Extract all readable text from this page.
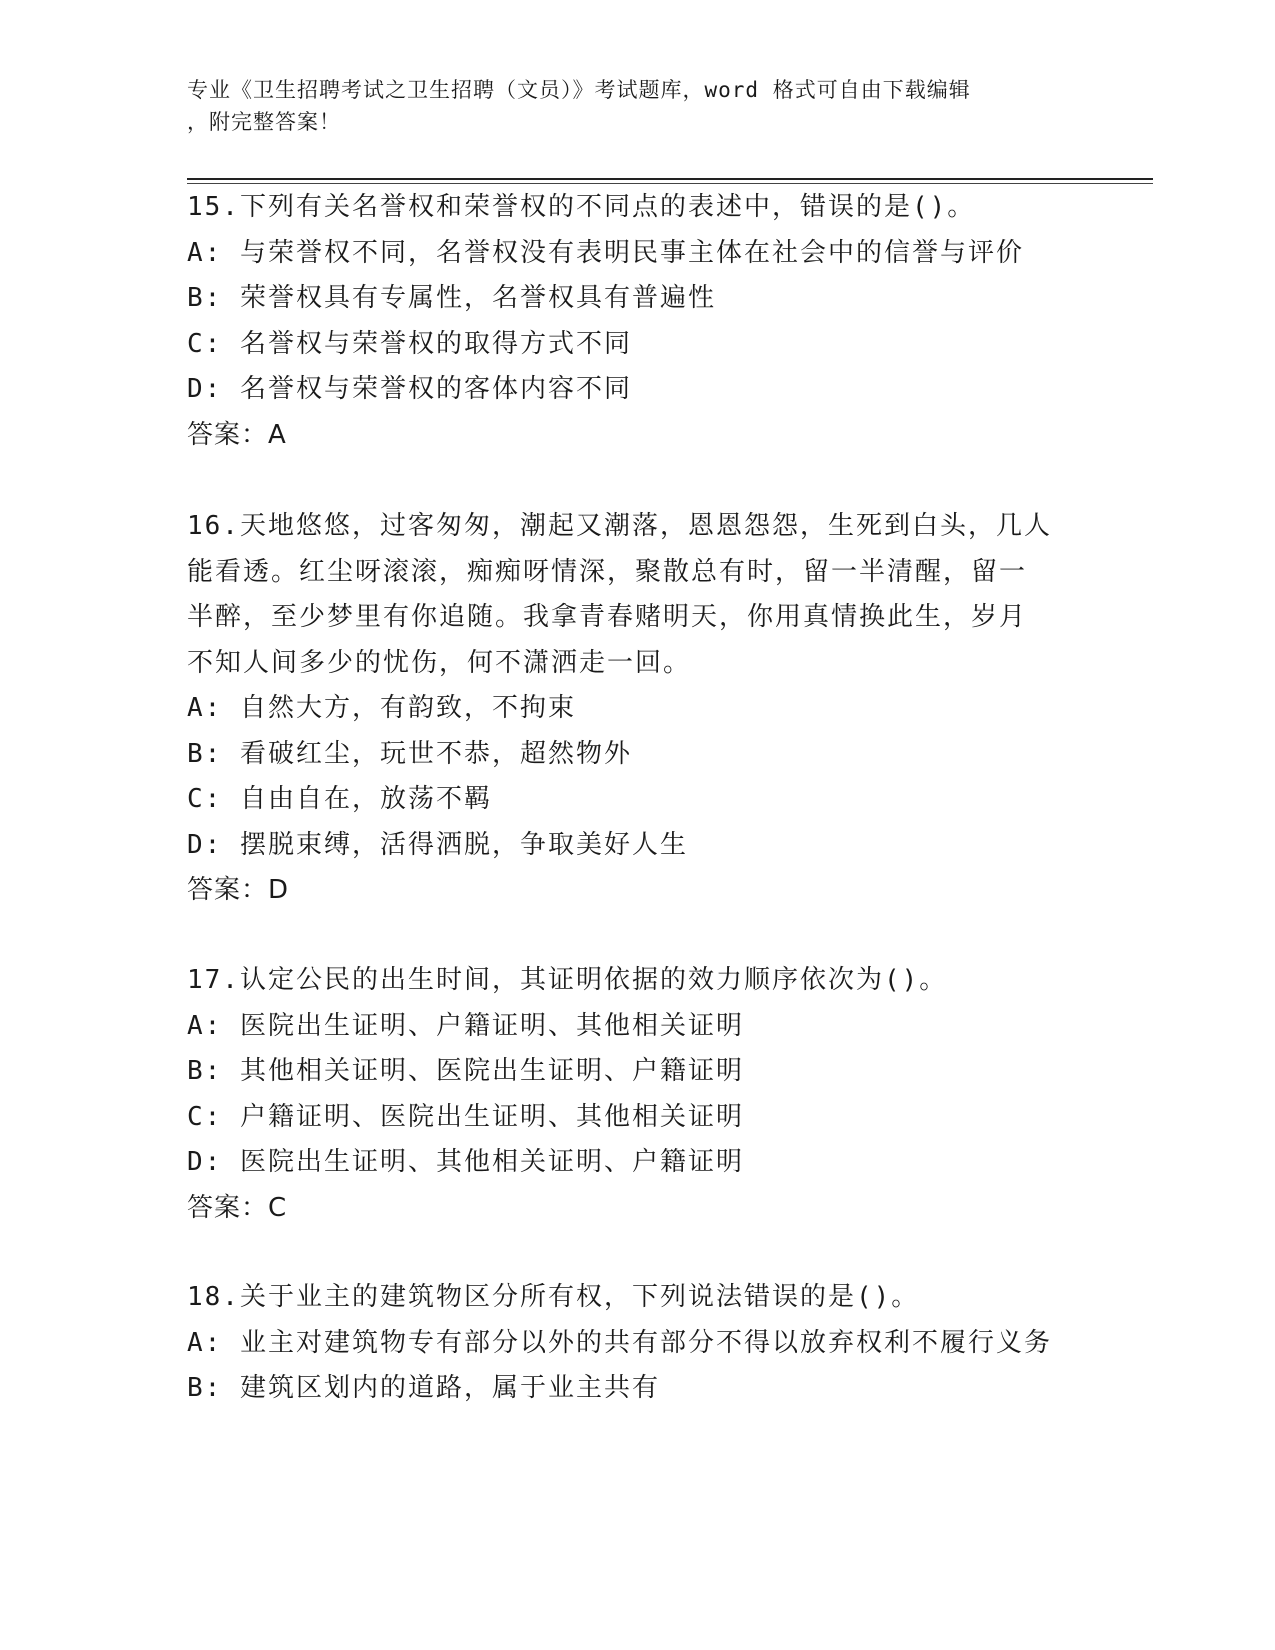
专业《卫生招聘考试之卫生招聘（文员）》考试题库，word 格式可自由下载编辑
，附完整答案！

15.下列有关名誉权和荣誉权的不同点的表述中，错误的是()。

A: 与荣誉权不同，名誉权没有表明民事主体在社会中的信誉与评价

B: 荣誉权具有专属性，名誉权具有普遍性

C: 名誉权与荣誉权的取得方式不同

D: 名誉权与荣誉权的客体内容不同

答案：A

16.天地悠悠，过客匆匆，潮起又潮落，恩恩怨怨，生死到白头，几人

能看透。红尘呀滚滚，痴痴呀情深，聚散总有时，留一半清醒，留一

半醉，至少梦里有你追随。我拿青春赌明天，你用真情换此生，岁月

不知人间多少的忧伤，何不潇洒走一回。

A: 自然大方，有韵致，不拘束

B: 看破红尘，玩世不恭，超然物外

C: 自由自在，放荡不羁

D: 摆脱束缚，活得洒脱，争取美好人生

答案：D

17.认定公民的出生时间，其证明依据的效力顺序依次为()。

A: 医院出生证明、户籍证明、其他相关证明

B: 其他相关证明、医院出生证明、户籍证明

C: 户籍证明、医院出生证明、其他相关证明

D: 医院出生证明、其他相关证明、户籍证明

答案：C

18.关于业主的建筑物区分所有权，下列说法错误的是()。

A: 业主对建筑物专有部分以外的共有部分不得以放弃权利不履行义务

B: 建筑区划内的道路，属于业主共有
